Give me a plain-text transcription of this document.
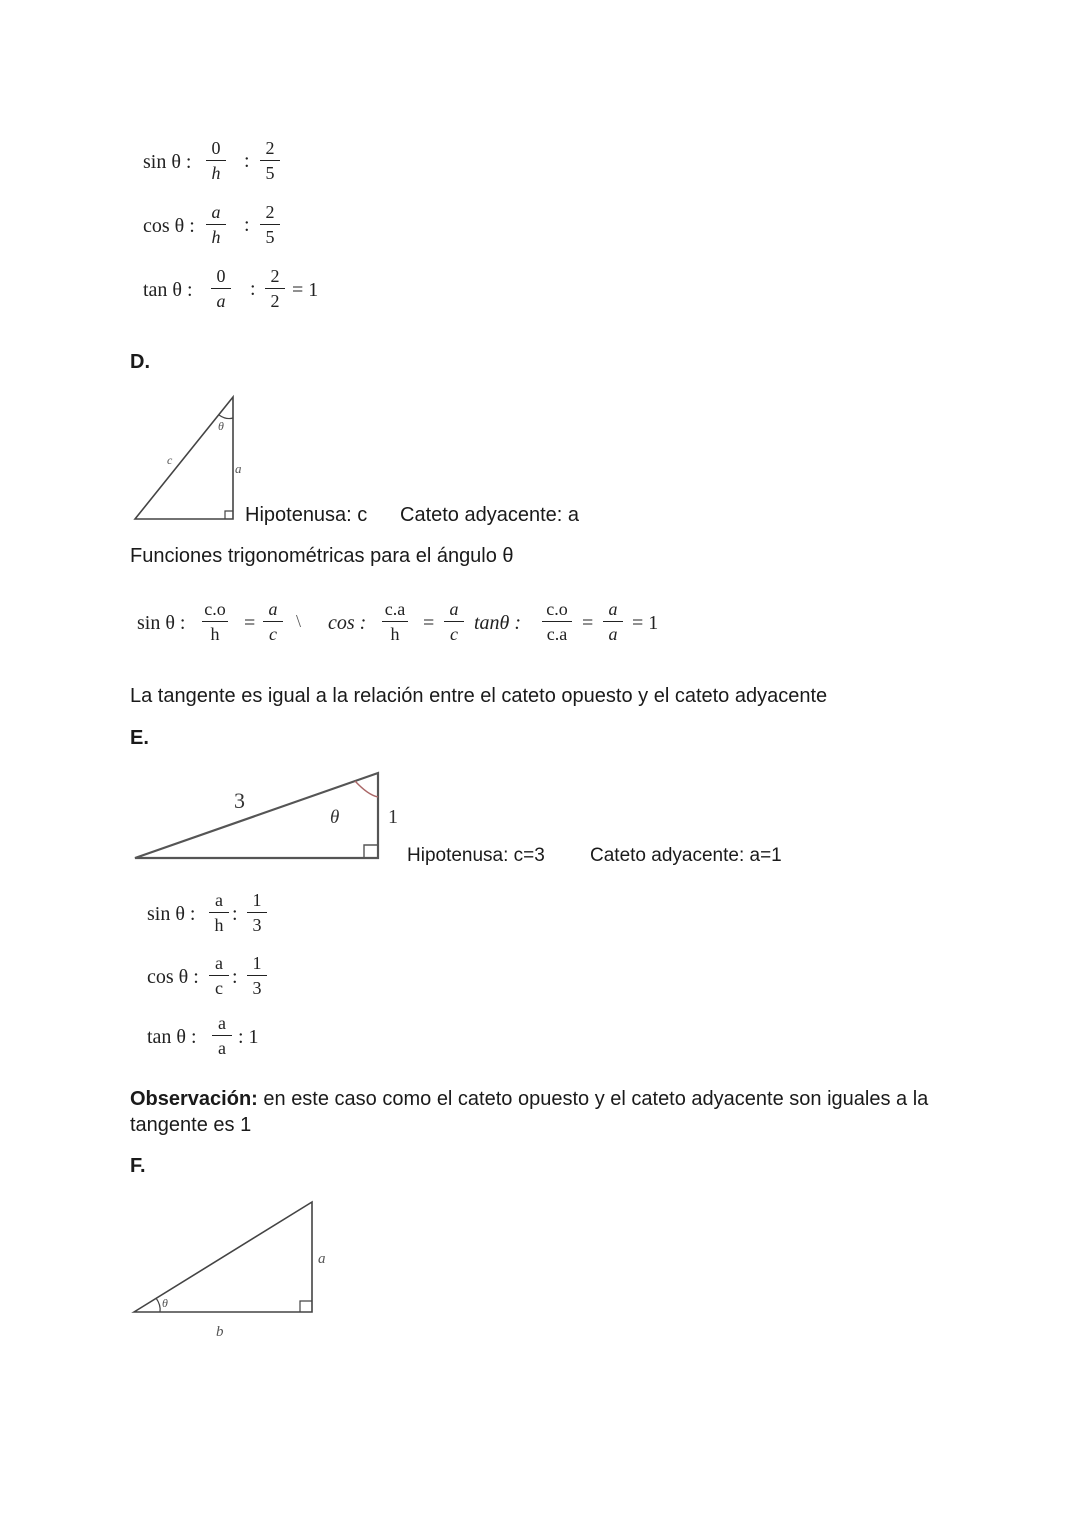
sin θ :
0
h
:
2
5
cos θ :
a
h
:
2
5
tan θ :
0
a
:
2
2 = 1
D.
θ
c
a
Hipotenusa: c Cateto adyacente: a
Funciones trigonométricas para el ángulo θ
sin θ :
c.o
h	=
a
c
\ cos :
c.a
h	=
a
c tanθ :
c.o
c.a =
a
a = 1
La tangente es igual a la relación entre el cateto opuesto y el cateto adyacente
E.
θ
3
1
Hipotenusa: c=3 Cateto adyacente: a=1
sin θ :
a
h :
1
3
cos θ :
a
c :
1
3
tan θ :
a
a : 1
Observación: en este caso como el cateto opuesto y el cateto adyacente son iguales a la
tangente es 1
F.
θ
a
b
